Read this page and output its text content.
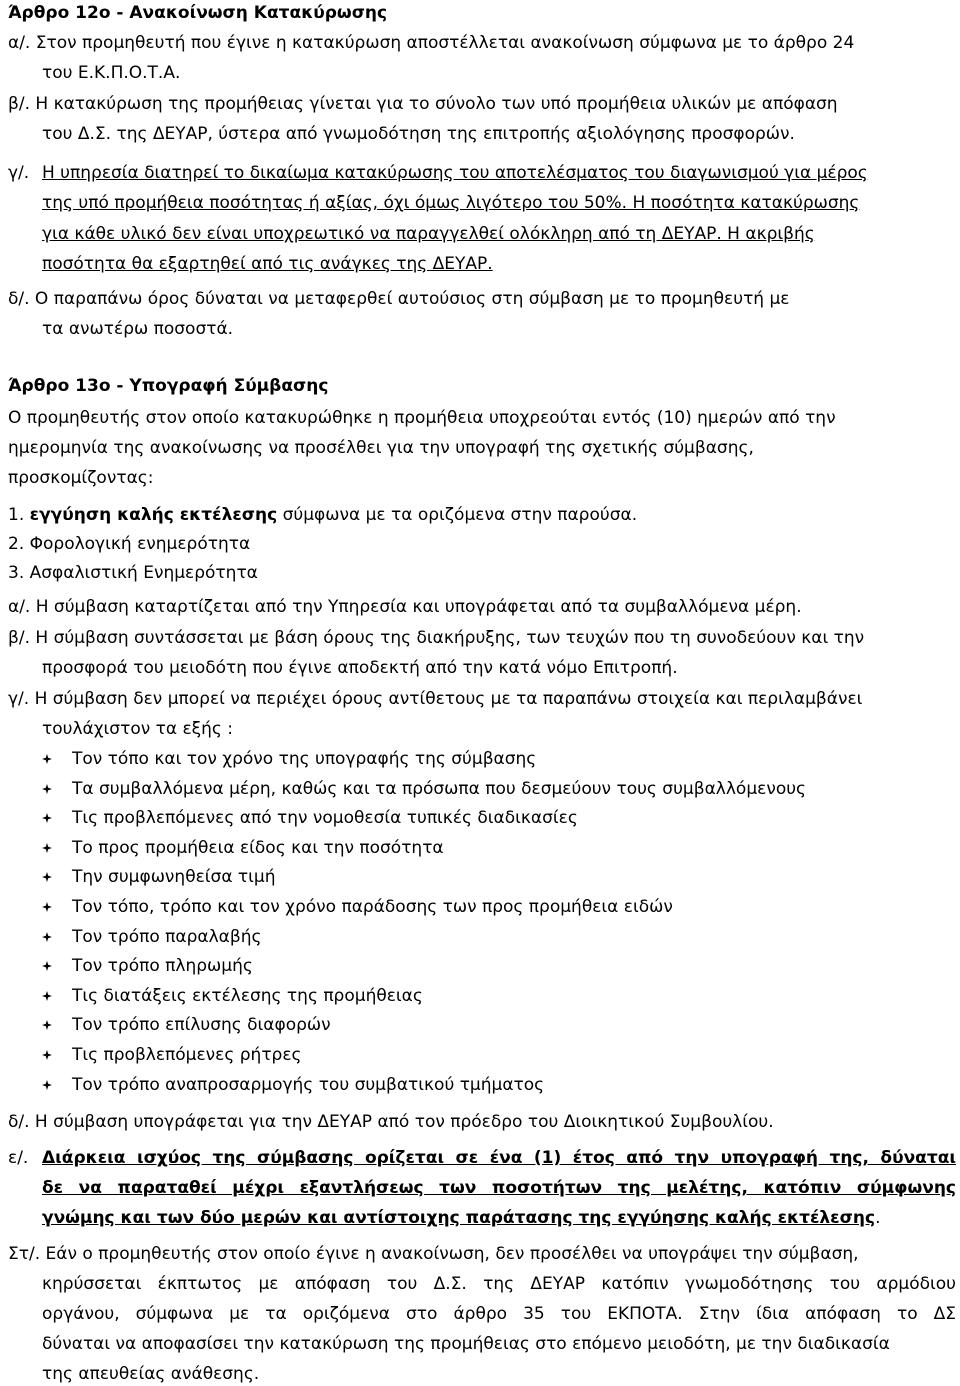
Άρθρο 12ο - Ανακοίνωση Κατακύρωσης
α/. Στον προμηθευτή που έγινε η κατακύρωση αποστέλλεται ανακοίνωση σύμφωνα με το άρθρο 24
του Ε.Κ.Π.Ο.Τ.Α.
β/. Η κατακύρωση της προμήθειας γίνεται για το σύνολο των υπό προμήθεια υλικών με απόφαση
του Δ.Σ. της ΔΕΥΑΡ, ύστερα από γνωμοδότηση της επιτροπής αξιολόγησης προσφορών.
γ/. Η υπηρεσία διατηρεί το δικαίωμα κατακύρωσης του αποτελέσματος του διαγωνισμού για μέρος
της υπό προμήθεια ποσότητας ή αξίας, όχι όμως λιγότερο του 50%. Η ποσότητα κατακύρωσης
για κάθε υλικό δεν είναι υποχρεωτικό να παραγγελθεί ολόκληρη από τη ΔΕΥΑΡ. Η ακριβής
ποσότητα θα εξαρτηθεί από τις ανάγκες της ΔΕΥΑΡ.
δ/. Ο παραπάνω όρος δύναται να μεταφερθεί αυτούσιος στη σύμβαση με το προμηθευτή με
τα ανωτέρω ποσοστά.
Άρθρο 13ο - Υπογραφή Σύμβασης
Ο προμηθευτής στον οποίο κατακυρώθηκε η προμήθεια υποχρεούται εντός (10) ημερών από την
ημερομηνία της ανακοίνωσης να προσέλθει για την υπογραφή της σχετικής σύμβασης,
προσκομίζοντας:
1. εγγύηση καλής εκτέλεσης σύμφωνα με τα οριζόμενα στην παρούσα.
2. Φορολογική ενημερότητα
3. Ασφαλιστική Ενημερότητα
α/. Η σύμβαση καταρτίζεται από την Υπηρεσία και υπογράφεται από τα συμβαλλόμενα μέρη.
β/. Η σύμβαση συντάσσεται με βάση όρους της διακήρυξης, των τευχών που τη συνοδεύουν και την
προσφορά του μειοδότη που έγινε αποδεκτή από την κατά νόμο Επιτροπή.
γ/. Η σύμβαση δεν μπορεί να περιέχει όρους αντίθετους με τα παραπάνω στοιχεία και περιλαμβάνει
τουλάχιστον τα εξής :
Τον τόπο και τον χρόνο της υπογραφής της σύμβασης
Τα συμβαλλόμενα μέρη, καθώς και τα πρόσωπα που δεσμεύουν τους συμβαλλόμενους
Τις προβλεπόμενες από την νομοθεσία τυπικές διαδικασίες
Το προς προμήθεια είδος και την ποσότητα
Την συμφωνηθείσα τιμή
Τον τόπο, τρόπο και τον χρόνο παράδοσης των προς προμήθεια ειδών
Τον τρόπο παραλαβής
Τον τρόπο πληρωμής
Τις διατάξεις εκτέλεσης της προμήθειας
Τον τρόπο επίλυσης διαφορών
Τις προβλεπόμενες ρήτρες
Τον τρόπο αναπροσαρμογής του συμβατικού τμήματος
δ/. Η σύμβαση υπογράφεται για την ΔΕΥΑΡ από τον πρόεδρο του Διοικητικού Συμβουλίου.
ε/. Διάρκεια ισχύος της σύμβασης ορίζεται σε ένα (1) έτος από την υπογραφή της, δύναται
δε να παραταθεί μέχρι εξαντλήσεως των ποσοτήτων της μελέτης, κατόπιν σύμφωνης
γνώμης και των δύο μερών και αντίστοιχης παράτασης της εγγύησης καλής εκτέλεσης.
Στ/. Εάν ο προμηθευτής στον οποίο έγινε η ανακοίνωση, δεν προσέλθει να υπογράψει την σύμβαση,
κηρύσσεται έκπτωτος με απόφαση του Δ.Σ. της ΔΕΥΑΡ κατόπιν γνωμοδότησης του αρμόδιου
οργάνου, σύμφωνα με τα οριζόμενα στο άρθρο 35 του ΕΚΠΟΤΑ. Στην ίδια απόφαση το ΔΣ
δύναται να αποφασίσει την κατακύρωση της προμήθειας στο επόμενο μειοδότη, με την διαδικασία
της απευθείας ανάθεσης.
